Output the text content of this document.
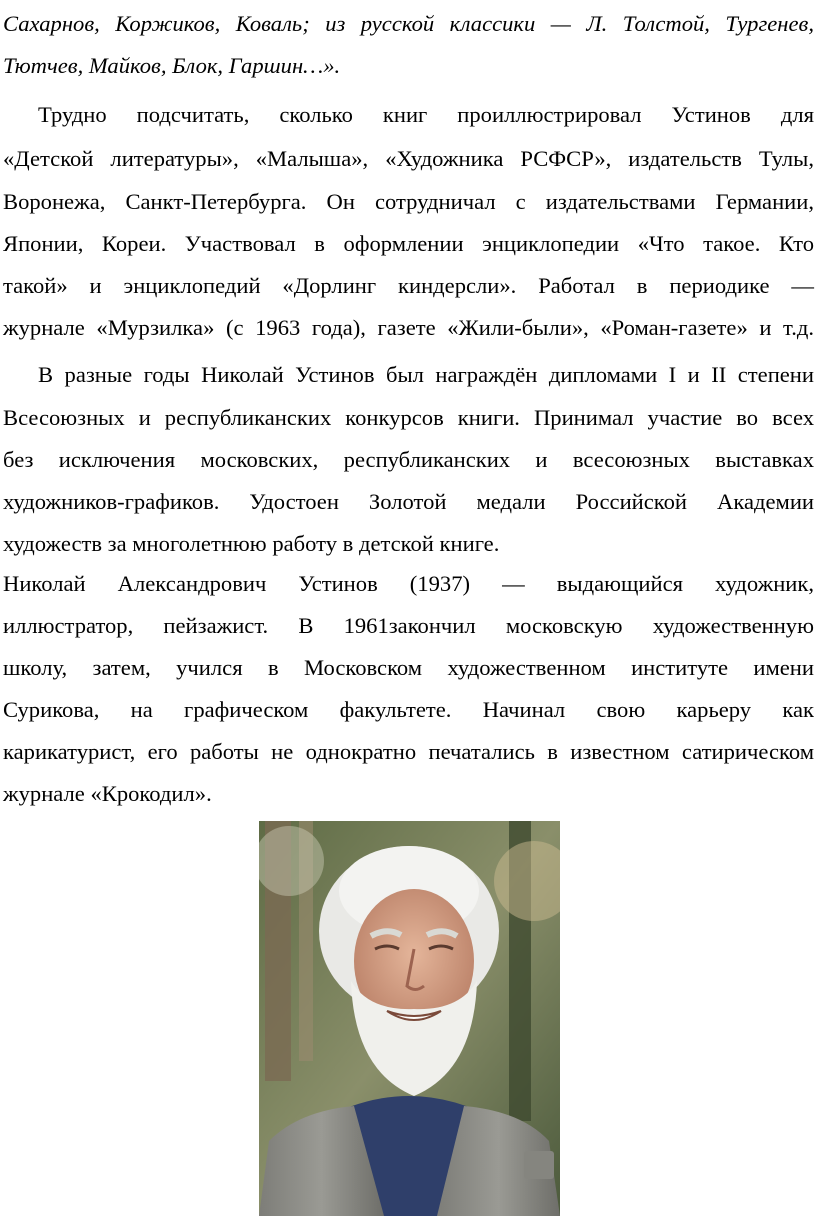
Сахарнов, Коржиков, Коваль; из русской классики — Л. Толстой, Тургенев,
Тютчев, Майков, Блок, Гаршин…».
Трудно подсчитать, сколько книг проиллюстрировал Устинов для
«Детской литературы», «Малыша», «Художника РСФСР», издательств Тулы,
Воронежа, Санкт-Петербурга. Он сотрудничал с издательствами Германии,
Японии, Кореи. Участвовал в оформлении энциклопедии «Что такое. Кто
такой» и энциклопедий «Дорлинг киндерсли». Работал в периодике —
журнале «Мурзилка» (с 1963 года), газете «Жили-были», «Роман-газете» и т.д.
В разные годы Николай Устинов был награждён дипломами I и II степени
Всесоюзных и республиканских конкурсов книги. Принимал участие во всех
без исключения московских, республиканских и всесоюзных выставках
художников-графиков. Удостоен Золотой медали Российской Академии
художеств за многолетнюю работу в детской книге.
Николай Александрович Устинов (1937) — выдающийся художник,
иллюстратор, пейзажист. В 1961закончил московскую художественную
школу, затем, учился в Московском художественном институте имени
Сурикова, на графическом факультете. Начинал свою карьеру как
карикатурист, его работы не однократно печатались в известном сатирическом
журнале «Крокодил».
